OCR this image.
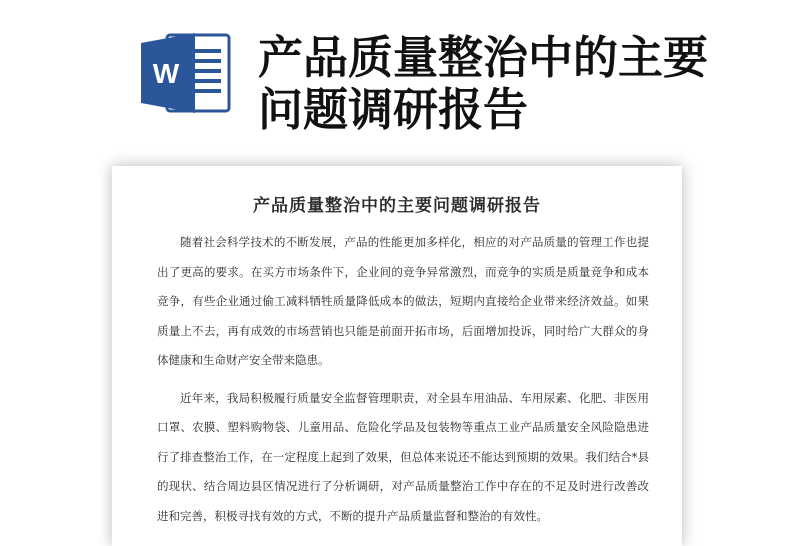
W 产品质量整治中的主要问题调研报告
产品质量整治中的主要问题调研报告

随着社会科学技术的不断发展，产品的性能更加多样化，相应的对产品质量的管理工作也提出了更高的要求。在买方市场条件下，企业间的竞争异常激烈，而竞争的实质是质量竞争和成本竞争，有些企业通过偷工减料牺牲质量降低成本的做法，短期内直接给企业带来经济效益。如果质量上不去，再有成效的市场营销也只能是前面开拓市场，后面增加投诉，同时给广大群众的身体健康和生命财产安全带来隐患。

近年来，我局积极履行质量安全监督管理职责，对全县车用油品、车用尿素、化肥、非医用口罩、农膜、塑料购物袋、儿童用品、危险化学品及包装物等重点工业产品质量安全风险隐患进行了排查整治工作，在一定程度上起到了效果，但总体来说还不能达到预期的效果。我们结合*县的现状、结合周边县区情况进行了分析调研，对产品质量整治工作中存在的不足及时进行改善改进和完善，积极寻找有效的方式，不断的提升产品质量监督和整治的有效性。
